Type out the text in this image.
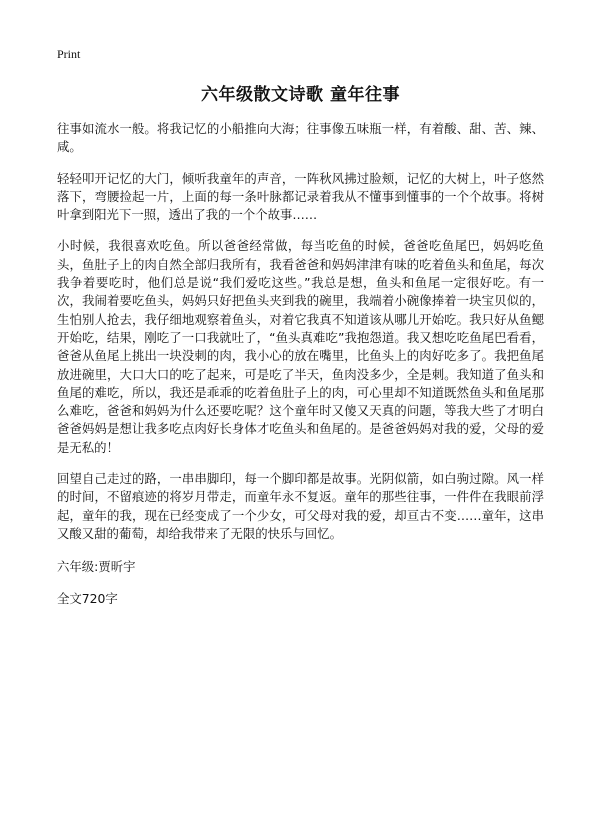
Print
六年级散文诗歌 童年往事

往事如流水一般。将我记忆的小船推向大海；往事像五味瓶一样，有着酸、甜、苦、辣、咸。

轻轻叩开记忆的大门，倾听我童年的声音，一阵秋风拂过脸颊，记忆的大树上，叶子悠然落下，弯腰捡起一片，上面的每一条叶脉都记录着我从不懂事到懂事的一个个故事。将树叶拿到阳光下一照，透出了我的一个个故事……

小时候，我很喜欢吃鱼。所以爸爸经常做，每当吃鱼的时候，爸爸吃鱼尾巴，妈妈吃鱼头，鱼肚子上的肉自然全部归我所有，我看爸爸和妈妈津津有味的吃着鱼头和鱼尾，每次我争着要吃时，他们总是说“我们爱吃这些。”我总是想，鱼头和鱼尾一定很好吃。有一次，我闹着要吃鱼头，妈妈只好把鱼头夹到我的碗里，我端着小碗像捧着一块宝贝似的，生怕别人抢去，我仔细地观察着鱼头，对着它我真不知道该从哪儿开始吃。我只好从鱼鳃开始吃，结果，刚吃了一口我就吐了，“鱼头真难吃”我抱怨道。我又想吃吃鱼尾巴看看，爸爸从鱼尾上挑出一块没刺的肉，我小心的放在嘴里，比鱼头上的肉好吃多了。我把鱼尾放进碗里，大口大口的吃了起来，可是吃了半天，鱼肉没多少，全是刺。我知道了鱼头和鱼尾的难吃，所以，我还是乖乖的吃着鱼肚子上的肉，可心里却不知道既然鱼头和鱼尾那么难吃，爸爸和妈妈为什么还要吃呢？这个童年时又傻又天真的问题，等我大些了才明白爸爸妈妈是想让我多吃点肉好长身体才吃鱼头和鱼尾的。是爸爸妈妈对我的爱，父母的爱是无私的！

回望自己走过的路，一串串脚印，每一个脚印都是故事。光阴似箭，如白驹过隙。风一样的时间，不留痕迹的将岁月带走，而童年永不复返。童年的那些往事，一件件在我眼前浮起，童年的我，现在已经变成了一个少女，可父母对我的爱，却亘古不变……童年，这串又酸又甜的葡萄，却给我带来了无限的快乐与回忆。

六年级:贾昕宇

全文720字
